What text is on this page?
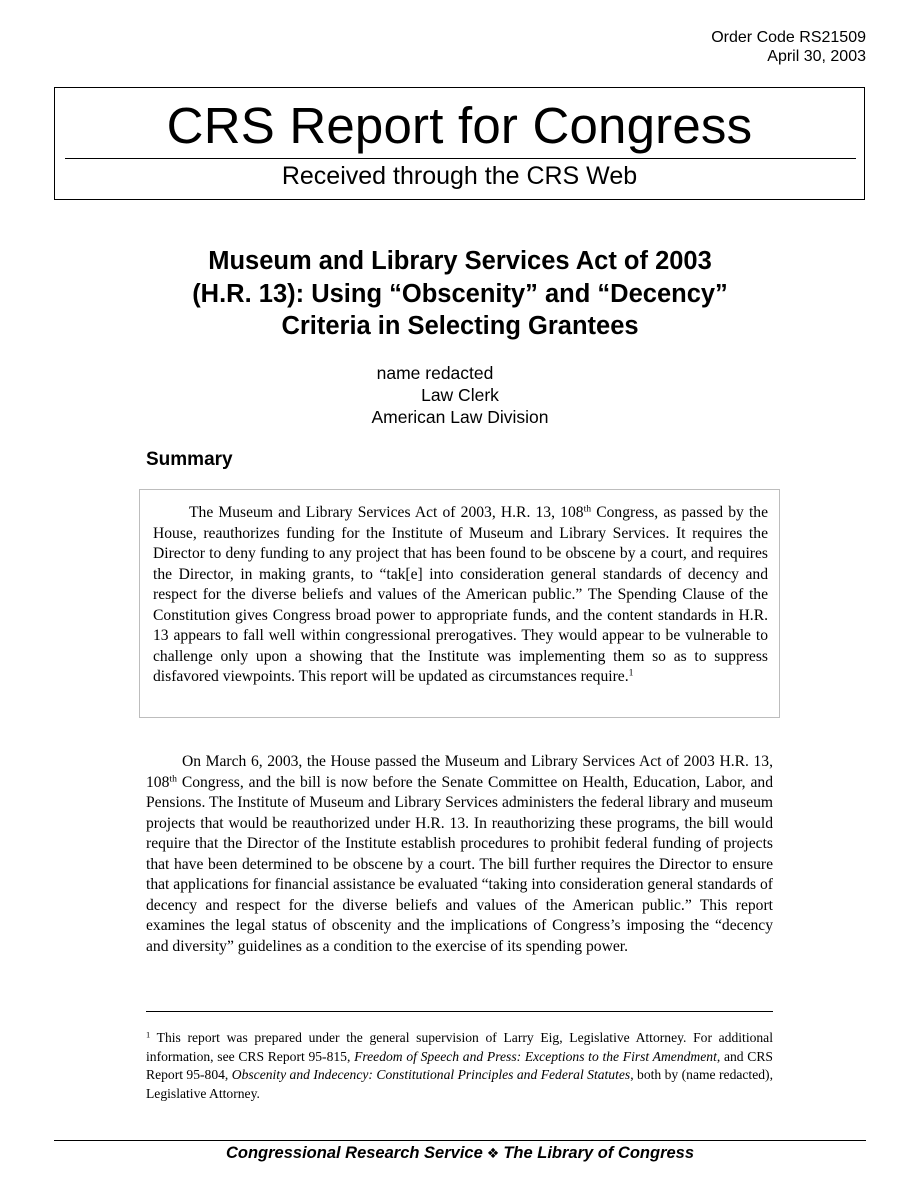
Order Code RS21509
April 30, 2003
CRS Report for Congress
Received through the CRS Web
Museum and Library Services Act of 2003
(H.R. 13): Using “Obscenity” and “Decency”
Criteria in Selecting Grantees
name redacted
Law Clerk
American Law Division
Summary

The Museum and Library Services Act of 2003, H.R. 13, 108th Congress, as passed by the House, reauthorizes funding for the Institute of Museum and Library Services. It requires the Director to deny funding to any project that has been found to be obscene by a court, and requires the Director, in making grants, to “tak[e] into consideration general standards of decency and respect for the diverse beliefs and values of the American public.” The Spending Clause of the Constitution gives Congress broad power to appropriate funds, and the content standards in H.R. 13 appears to fall well within congressional prerogatives. They would appear to be vulnerable to challenge only upon a showing that the Institute was implementing them so as to suppress disfavored viewpoints. This report will be updated as circumstances require.$^1$

On March 6, 2003, the House passed the Museum and Library Services Act of 2003 H.R. 13, 108th Congress, and the bill is now before the Senate Committee on Health, Education, Labor, and Pensions. The Institute of Museum and Library Services administers the federal library and museum projects that would be reauthorized under H.R. 13. In reauthorizing these programs, the bill would require that the Director of the Institute establish procedures to prohibit federal funding of projects that have been determined to be obscene by a court. The bill further requires the Director to ensure that applications for financial assistance be evaluated “taking into consideration general standards of decency and respect for the diverse beliefs and values of the American public.” This report examines the legal status of obscenity and the implications of Congress’s imposing the “decency and diversity” guidelines as a condition to the exercise of its spending power.

$^1$ This report was prepared under the general supervision of Larry Eig, Legislative Attorney. For additional information, see CRS Report 95-815, Freedom of Speech and Press: Exceptions to the First Amendment, and CRS Report 95-804, Obscenity and Indecency: Constitutional Principles and Federal Statutes, both by (name redacted), Legislative Attorney.

Congressional Research Service ❖ The Library of Congress
